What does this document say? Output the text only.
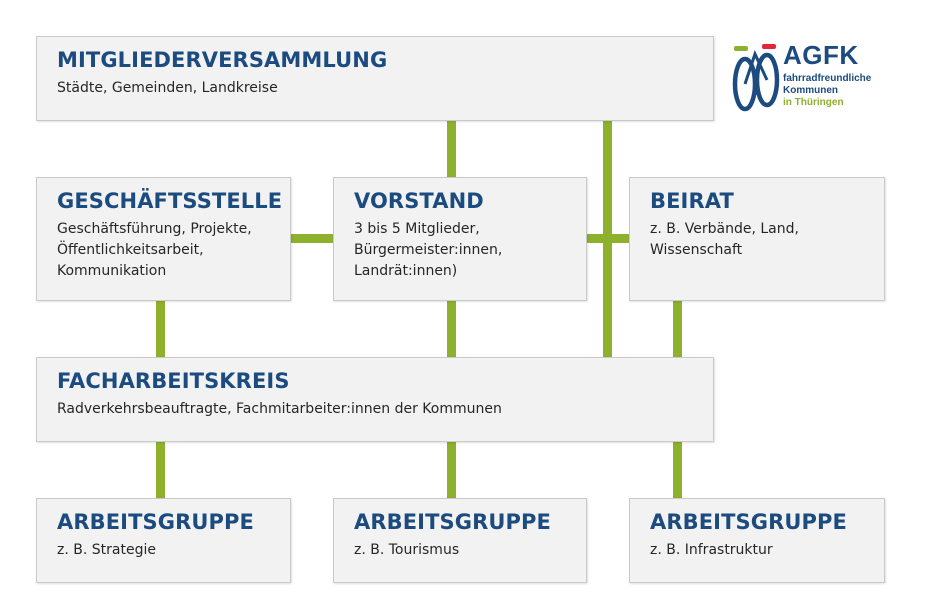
MITGLIEDERVERSAMMLUNG
Städte, Gemeinden, Landkreise
GESCHÄFTSSTELLE
Geschäftsführung, Projekte,
Öffentlichkeitsarbeit,
Kommunikation
VORSTAND
3 bis 5 Mitglieder,
Bürgermeister:innen,
Landrät:innen)
BEIRAT
z. B. Verbände, Land,
Wissenschaft
FACHARBEITSKREIS
Radverkehrsbeauftragte, Fachmitarbeiter:innen der Kommunen
ARBEITSGRUPPE
z. B. Strategie
ARBEITSGRUPPE
z. B. Tourismus
ARBEITSGRUPPE
z. B. Infrastruktur
AGFK
fahrradfreundliche
Kommunen
in Thüringen
